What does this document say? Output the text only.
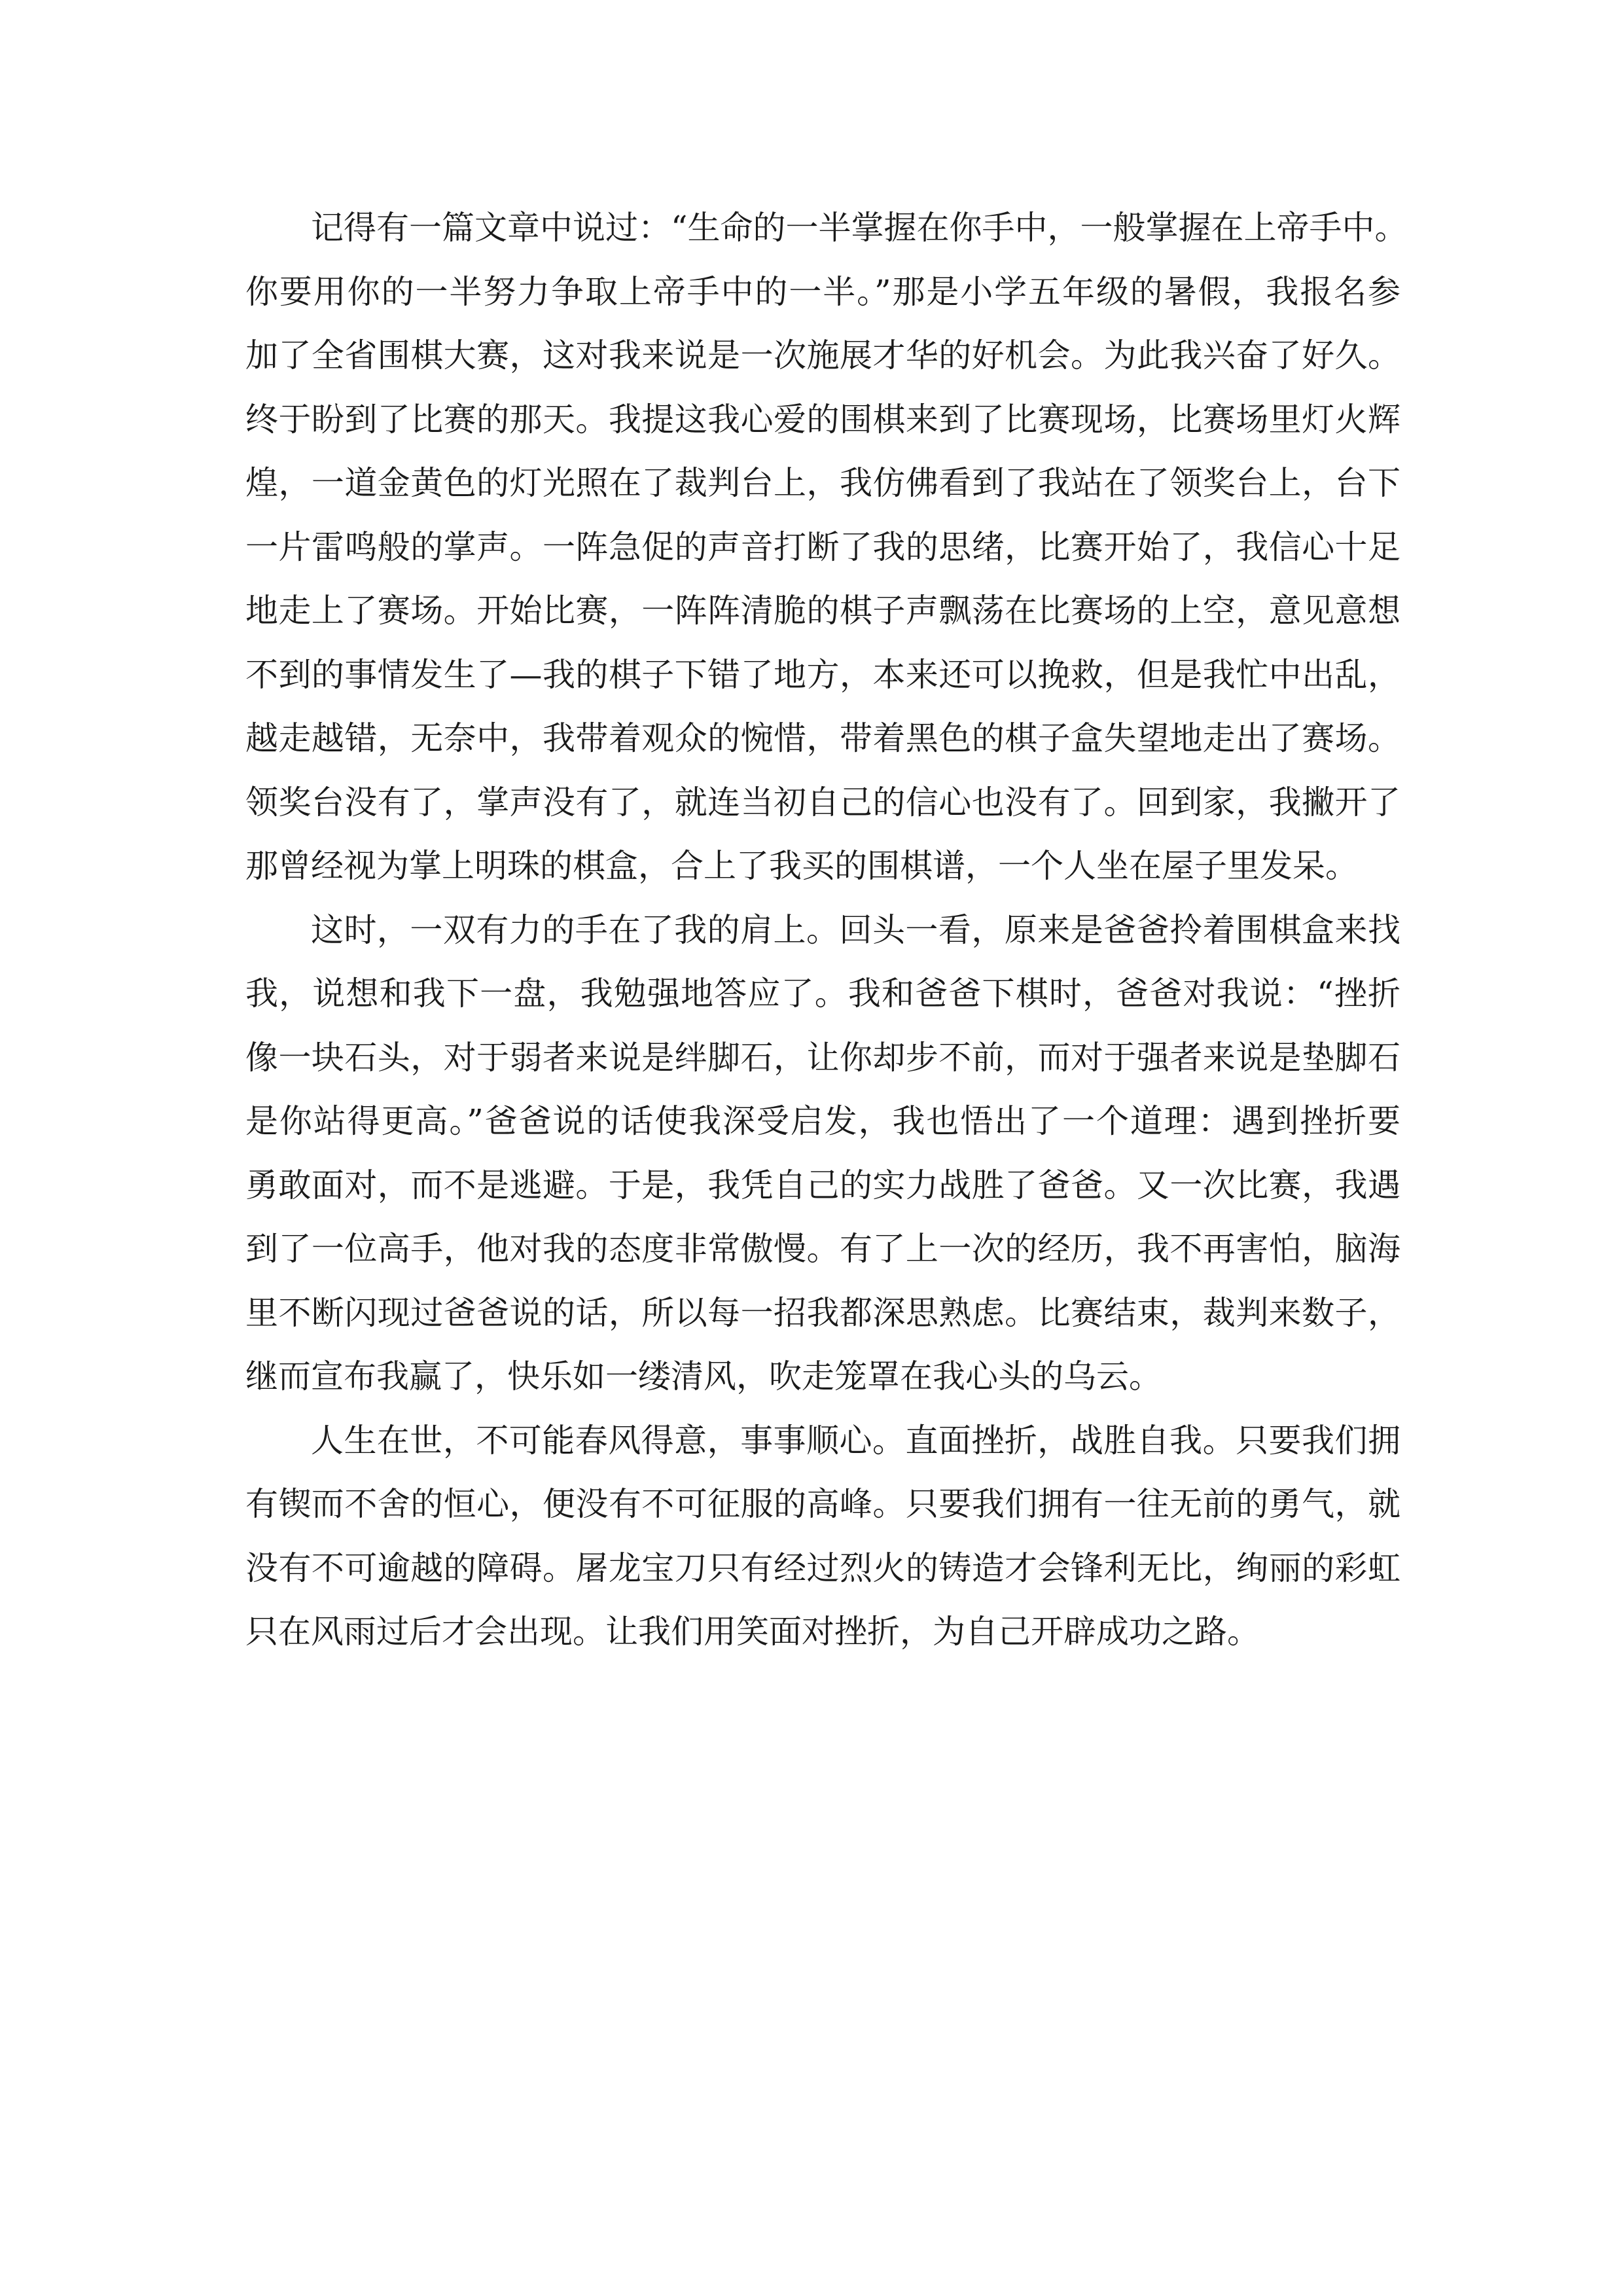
记得有一篇文章中说过：“生命的一半掌握在你手中，一般掌握在上帝手中。
你要用你的一半努力争取上帝手中的一半。”那是小学五年级的暑假，我报名参
加了全省围棋大赛，这对我来说是一次施展才华的好机会。为此我兴奋了好久。
终于盼到了比赛的那天。我提这我心爱的围棋来到了比赛现场，比赛场里灯火辉
煌，一道金黄色的灯光照在了裁判台上，我仿佛看到了我站在了领奖台上，台下
一片雷鸣般的掌声。一阵急促的声音打断了我的思绪，比赛开始了，我信心十足
地走上了赛场。开始比赛，一阵阵清脆的棋子声飘荡在比赛场的上空，意见意想
不到的事情发生了—我的棋子下错了地方，本来还可以挽救，但是我忙中出乱，
越走越错，无奈中，我带着观众的惋惜，带着黑色的棋子盒失望地走出了赛场。
领奖台没有了，掌声没有了，就连当初自己的信心也没有了。回到家，我撇开了
那曾经视为掌上明珠的棋盒，合上了我买的围棋谱，一个人坐在屋子里发呆。
这时，一双有力的手在了我的肩上。回头一看，原来是爸爸拎着围棋盒来找
我，说想和我下一盘，我勉强地答应了。我和爸爸下棋时，爸爸对我说：“挫折
像一块石头，对于弱者来说是绊脚石，让你却步不前，而对于强者来说是垫脚石
是你站得更高。”爸爸说的话使我深受启发，我也悟出了一个道理：遇到挫折要
勇敢面对，而不是逃避。于是，我凭自己的实力战胜了爸爸。又一次比赛，我遇
到了一位高手，他对我的态度非常傲慢。有了上一次的经历，我不再害怕，脑海
里不断闪现过爸爸说的话，所以每一招我都深思熟虑。比赛结束，裁判来数子，
继而宣布我赢了，快乐如一缕清风，吹走笼罩在我心头的乌云。
人生在世，不可能春风得意，事事顺心。直面挫折，战胜自我。只要我们拥
有锲而不舍的恒心，便没有不可征服的高峰。只要我们拥有一往无前的勇气，就
没有不可逾越的障碍。屠龙宝刀只有经过烈火的铸造才会锋利无比，绚丽的彩虹
只在风雨过后才会出现。让我们用笑面对挫折，为自己开辟成功之路。
